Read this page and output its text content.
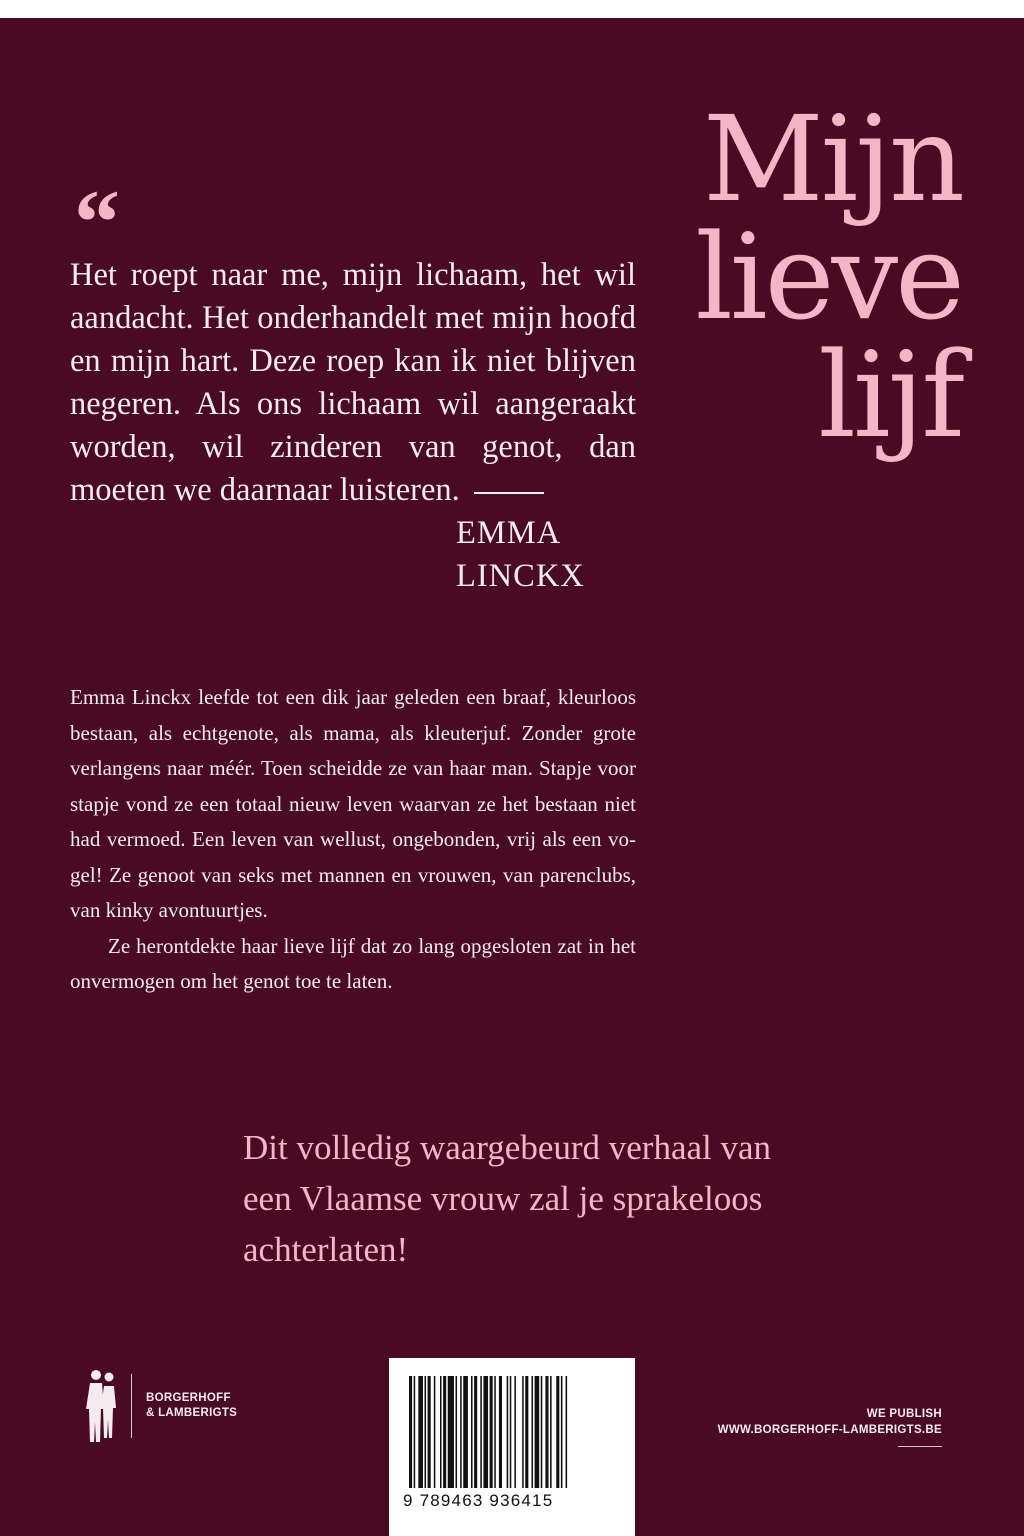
Mijn
lieve
lijf
“
Het roept naar me, mijn lichaam, het wil aandacht. Het onderhandelt met mijn hoofd en mijn hart. Deze roep kan ik niet blijven negeren. Als ons lichaam wil aangeraakt worden, wil zinderen van genot, dan moeten we daarnaar luisteren.
EMMA
LINCKX

Emma Linckx leefde tot een dik jaar geleden een braaf, kleurloos bestaan, als echtgenote, als mama, als kleuterjuf. Zonder grote verlangens naar méér. Toen scheidde ze van haar man. Stapje voor stapje vond ze een totaal nieuw leven waarvan ze het bestaan niet had vermoed. Een leven van wellust, ongebonden, vrij als een vogel! Ze genoot van seks met mannen en vrouwen, van parenclubs, van kinky avontuurtjes.

Ze herontdekte haar lieve lijf dat zo lang opgesloten zat in het onvermogen om het genot toe te laten.

Dit volledig waargebeurd verhaal van een Vlaamse vrouw zal je sprakeloos achterlaten!
BORGERHOFF
& LAMBERIGTS
9 789463 936415
WE PUBLISH
WWW.BORGERHOFF-LAMBERIGTS.BE
